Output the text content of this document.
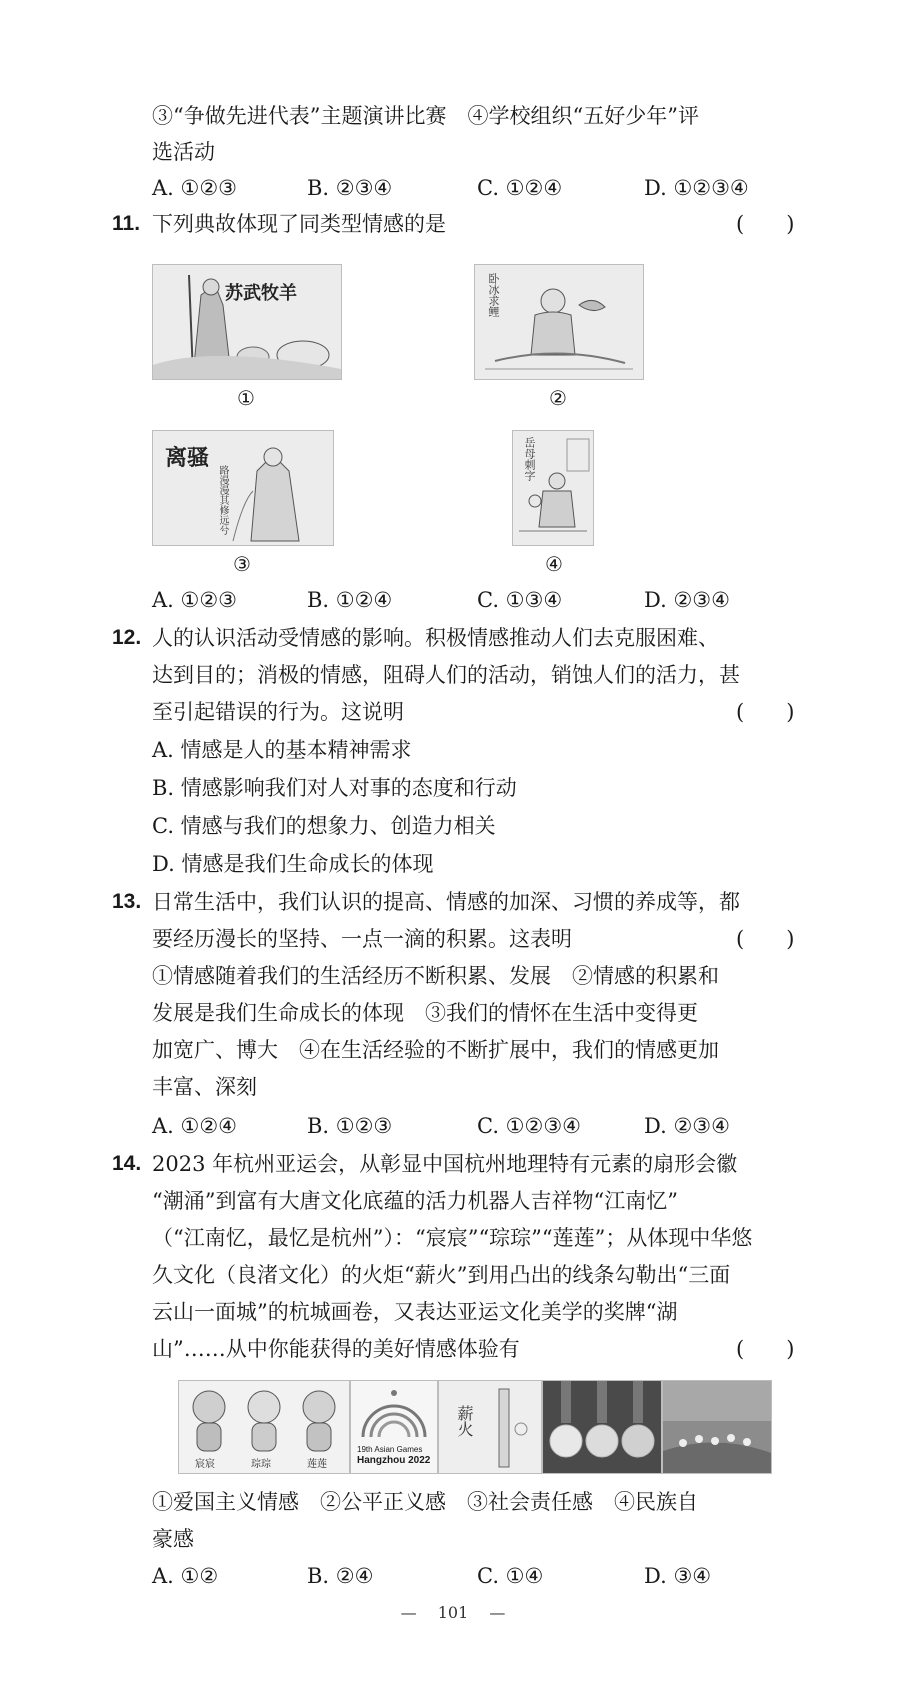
③“争做先进代表”主题演讲比赛　④学校组织“五好少年”评
选活动
A. ①②③	B. ②③④	C. ①②④	D. ①②③④
11. 下列典故体现了同类型情感的是	(　　)
苏武牧羊
①
卧冰求鲤
②
离骚
路漫漫其修远兮
③
岳母刺字
④
A. ①②③	B. ①②④	C. ①③④	D. ②③④
12. 人的认识活动受情感的影响。积极情感推动人们去克服困难、
达到目的；消极的情感，阻碍人们的活动，销蚀人们的活力，甚
至引起错误的行为。这说明	(　　)
A. 情感是人的基本精神需求
B. 情感影响我们对人对事的态度和行动
C. 情感与我们的想象力、创造力相关
D. 情感是我们生命成长的体现
13. 日常生活中，我们认识的提高、情感的加深、习惯的养成等，都
要经历漫长的坚持、一点一滴的积累。这表明	(　　)
①情感随着我们的生活经历不断积累、发展　②情感的积累和
发展是我们生命成长的体现　③我们的情怀在生活中变得更
加宽广、博大　④在生活经验的不断扩展中，我们的情感更加
丰富、深刻
A. ①②④	B. ①②③	C. ①②③④	D. ②③④
14. 2023 年杭州亚运会，从彰显中国杭州地理特有元素的扇形会徽
“潮涌”到富有大唐文化底蕴的活力机器人吉祥物“江南忆”
（“江南忆，最忆是杭州”）：“宸宸”“琮琮”“莲莲”；从体现中华悠
久文化（良渚文化）的火炬“薪火”到用凸出的线条勾勒出“三面
云山一面城”的杭城画卷，又表达亚运文化美学的奖牌“湖
山”……从中你能获得的美好情感体验有	(　　)
宸宸	琮琮	莲莲
19th Asian Games
Hangzhou 2022
薪火
①爱国主义情感　②公平正义感　③社会责任感　④民族自
豪感
A. ①②	B. ②④	C. ①④	D. ③④
—　 101 　—
